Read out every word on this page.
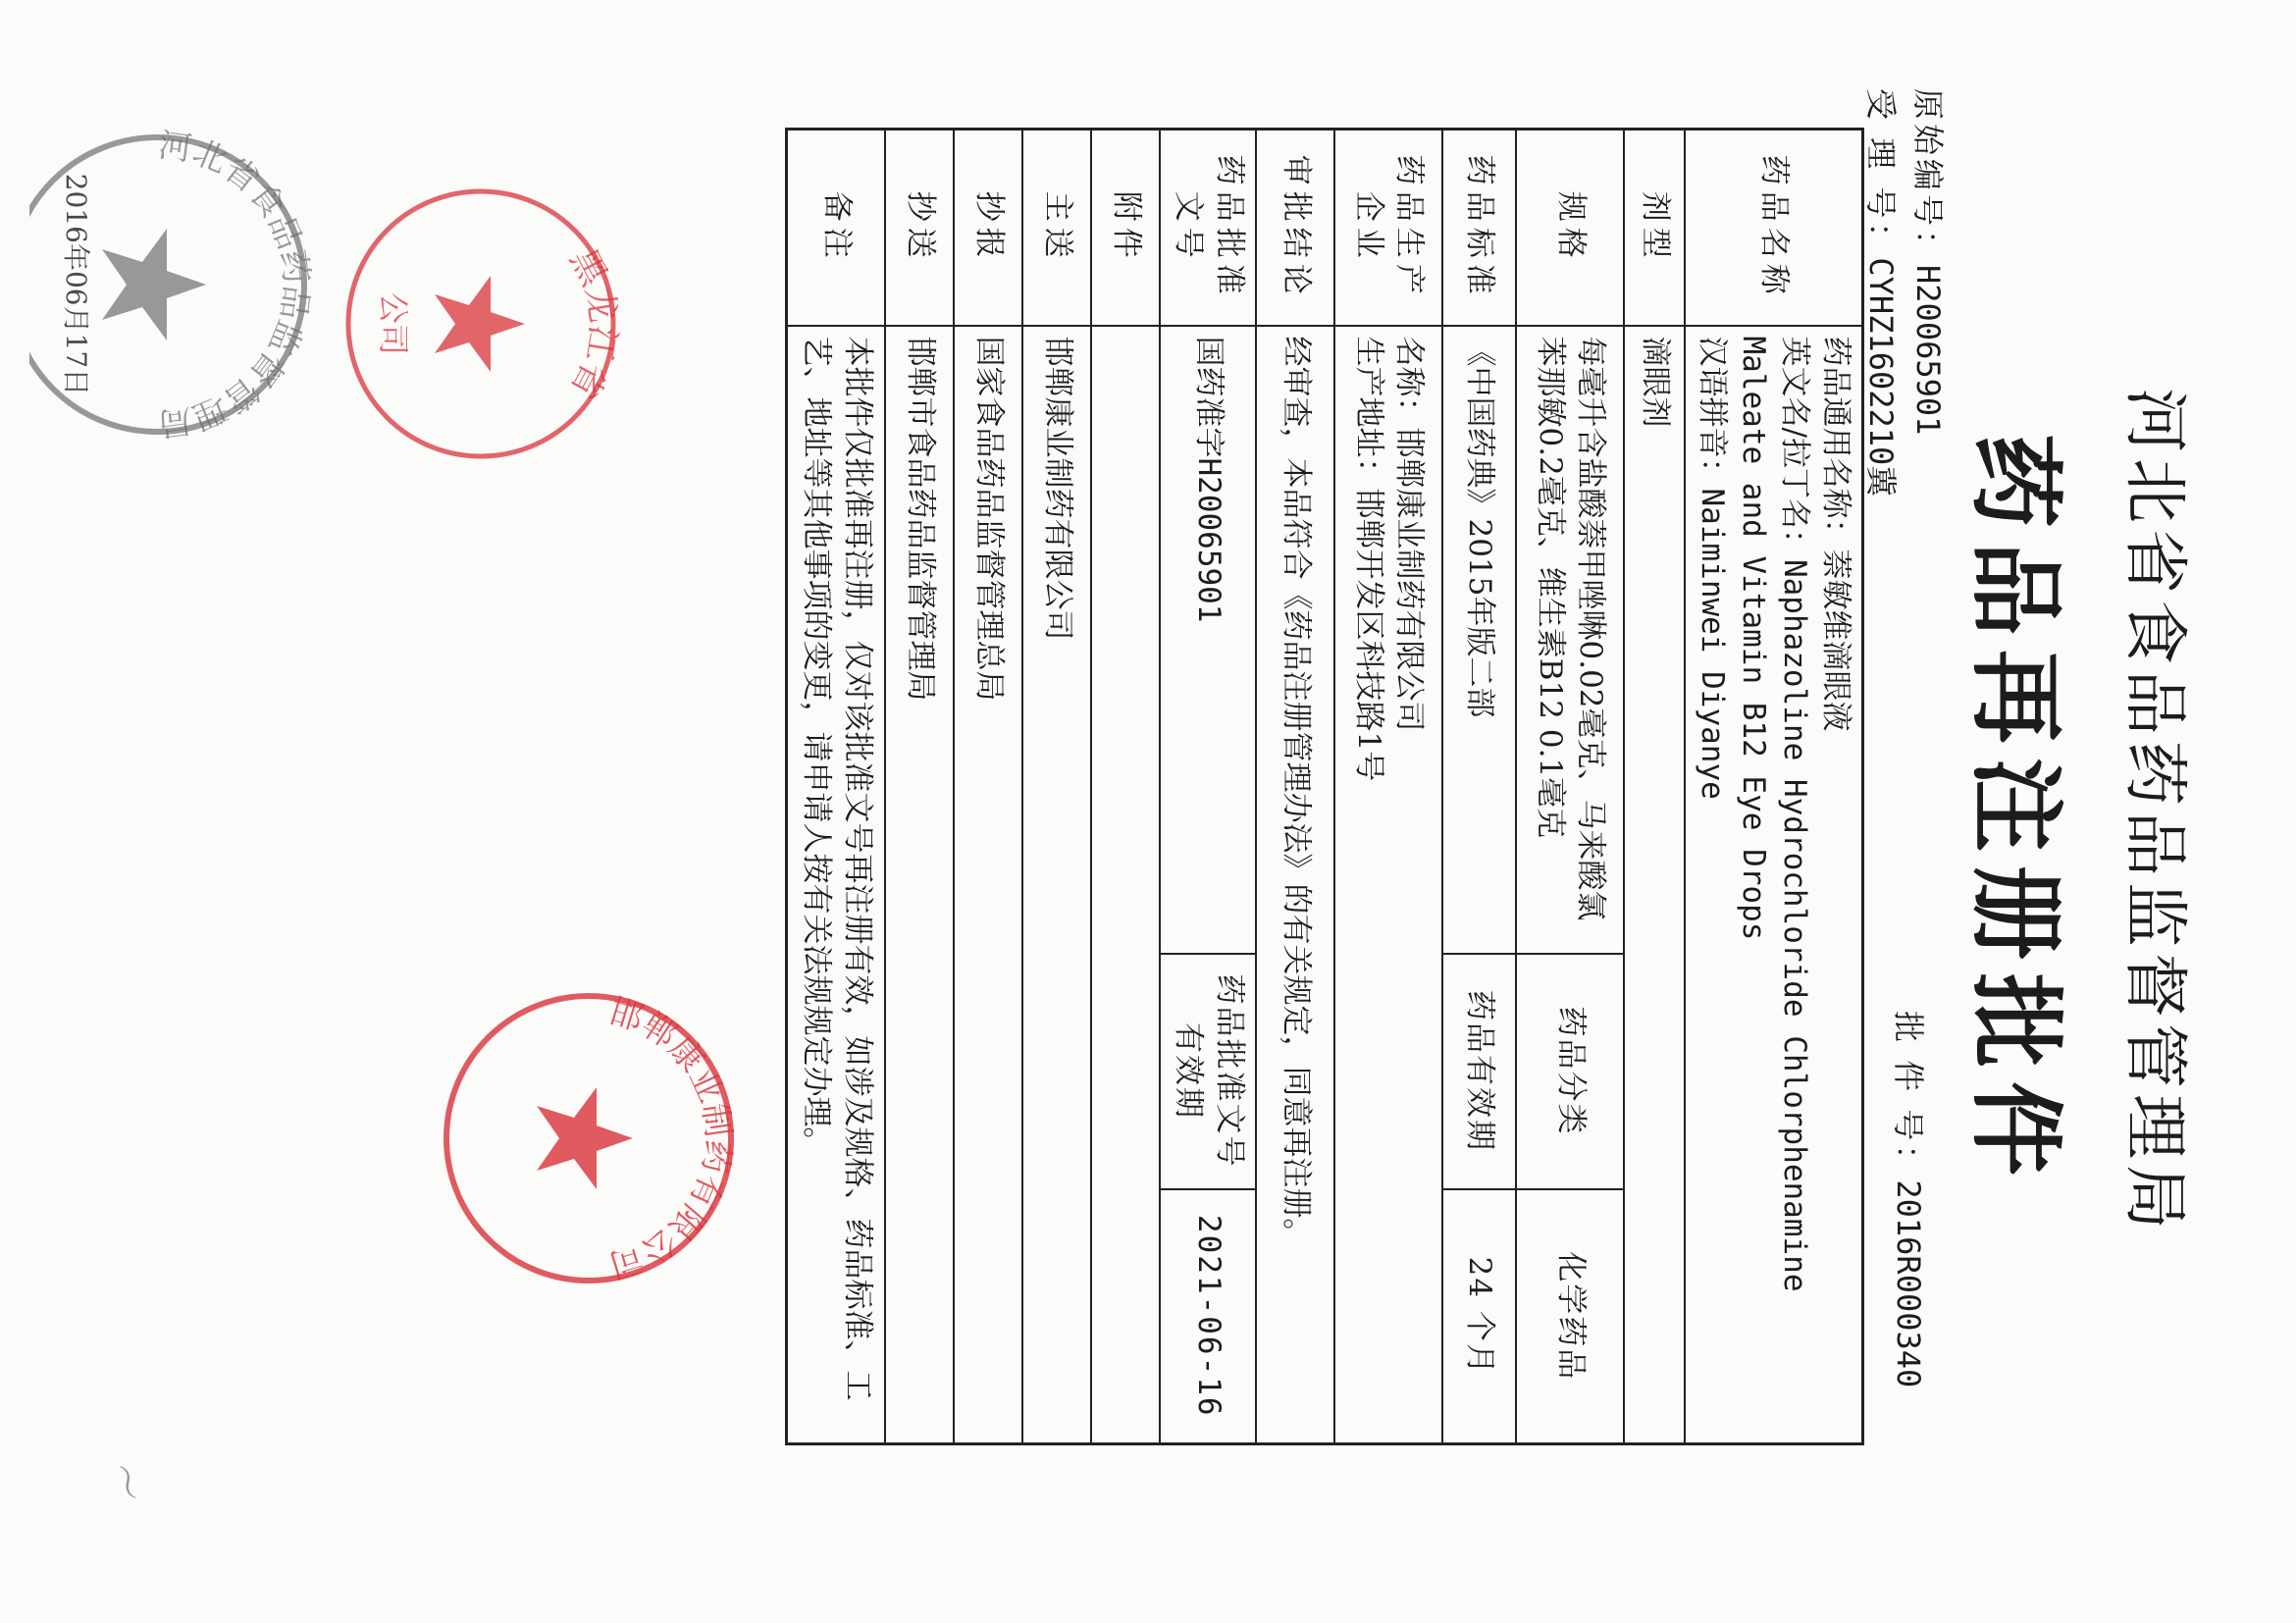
河北省食品药品监督管理局
药品再注册批件
原始编号：H20065901
受 理 号：CYHZ1602210冀
批 件 号：2016R000340
药品名称	药品通用名称：萘敏维滴眼液
英文名/拉丁名：Naphazoline Hydrochloride Chlorphenamine Maleate and Vitamin B12 Eye Drops
汉语拼音：Naiminwei Diyanye		

剂型	滴眼剂		
规格	每毫升含盐酸萘甲唑啉0.02毫克、马来酸氯苯那敏0.2毫克、维生素B12 0.1毫克	药品分类	化学药品
药品标准	《中国药典》2015年版二部	药品有效期	24 个月
药品生产企业	名称：邯郸康业制药有限公司
生产地址：邯郸开发区科技路1号		

审批结论	经审查，本品符合《药品注册管理办法》的有关规定，同意再注册。		
药品批准文号	国药准字H20065901	药品批准文号有效期	2021-06-16
附件			
主送	邯郸康业制药有限公司		
抄报	国家食品药品监督管理总局		
抄送	邯郸市食品药品监督管理局		
备注	本批件仅批准再注册，仅对该批准文号再注册有效，如涉及规格、药品标准、工艺、地址等其他事项的变更，请申请人按有关法规规定办理。		
黑龙江省
公司
邯郸康业制药有限公司
河北省食品药品监督管理局
2016年06月17日
〜
